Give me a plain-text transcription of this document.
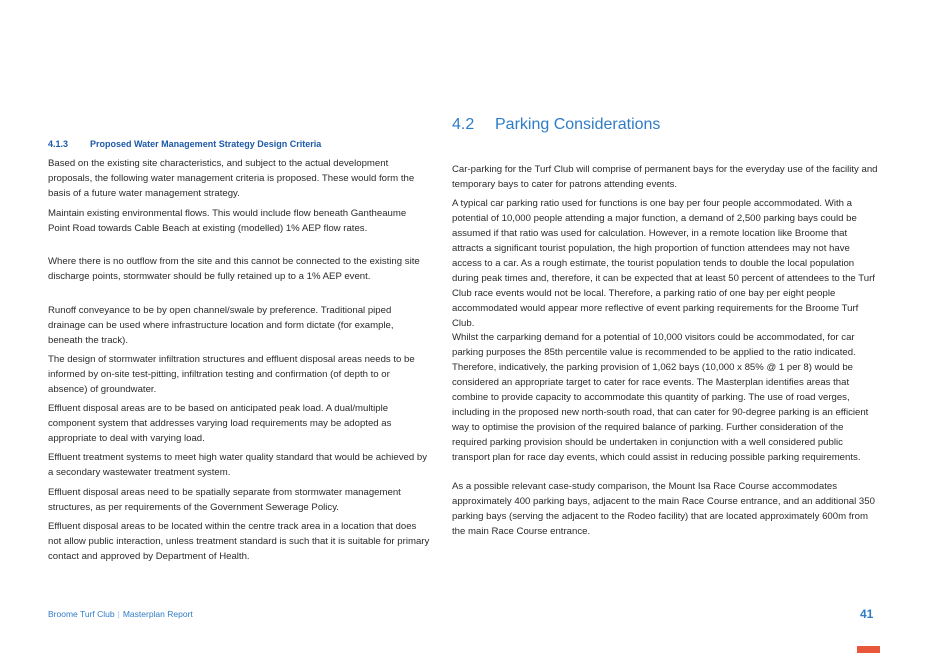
4.1.3 Proposed Water Management Strategy Design Criteria

Based on the existing site characteristics, and subject to the actual development proposals, the following water management criteria is proposed. These would form the basis of a future water management strategy.

Maintain existing environmental flows. This would include flow beneath Gantheaume Point Road towards Cable Beach at existing (modelled) 1% AEP flow rates.

Where there is no outflow from the site and this cannot be connected to the existing site discharge points, stormwater should be fully retained up to a 1% AEP event.

Runoff conveyance to be by open channel/swale by preference. Traditional piped drainage can be used where infrastructure location and form dictate (for example, beneath the track).

The design of stormwater infiltration structures and effluent disposal areas needs to be informed by on-site test-pitting, infiltration testing and confirmation (of depth to or absence) of groundwater.

Effluent disposal areas are to be based on anticipated peak load. A dual/multiple component system that addresses varying load requirements may be adopted as appropriate to deal with varying load.

Effluent treatment systems to meet high water quality standard that would be achieved by a secondary wastewater treatment system.

Effluent disposal areas need to be spatially separate from stormwater management structures, as per requirements of the Government Sewerage Policy.

Effluent disposal areas to be located within the centre track area in a location that does not allow public interaction, unless treatment standard is such that it is suitable for primary contact and approved by Department of Health.

4.2 Parking Considerations

Car-parking for the Turf Club will comprise of permanent bays for the everyday use of the facility and temporary bays to cater for patrons attending events.

A typical car parking ratio used for functions is one bay per four people accommodated. With a potential of 10,000 people attending a major function, a demand of 2,500 parking bays could be assumed if that ratio was used for calculation. However, in a remote location like Broome that attracts a significant tourist population, the high proportion of function attendees may not have access to a car. As a rough estimate, the tourist population tends to double the local population during peak times and, therefore, it can be expected that at least 50 percent of attendees to the Turf Club race events would not be local. Therefore, a parking ratio of one bay per eight people accommodated would appear more reflective of event parking requirements for the Broome Turf Club.

Whilst the carparking demand for a potential of 10,000 visitors could be accommodated, for car parking purposes the 85th percentile value is recommended to be applied to the ratio indicated. Therefore, indicatively, the parking provision of 1,062 bays (10,000 x 85% @ 1 per 8) would be considered an appropriate target to cater for race events. The Masterplan identifies areas that combine to provide capacity to accommodate this quantity of parking. The use of road verges, including in the proposed new north-south road, that can cater for 90-degree parking is an efficient way to optimise the provision of the required balance of parking. Further consideration of the required parking provision should be undertaken in conjunction with a well considered public transport plan for race day events, which could assist in reducing possible parking requirements.

As a possible relevant case-study comparison, the Mount Isa Race Course accommodates approximately 400 parking bays, adjacent to the main Race Course entrance, and an additional 350 parking bays (serving the adjacent to the Rodeo facility) that are located approximately 600m from the main Race Course entrance.

Broome Turf Club | Masterplan Report	41
